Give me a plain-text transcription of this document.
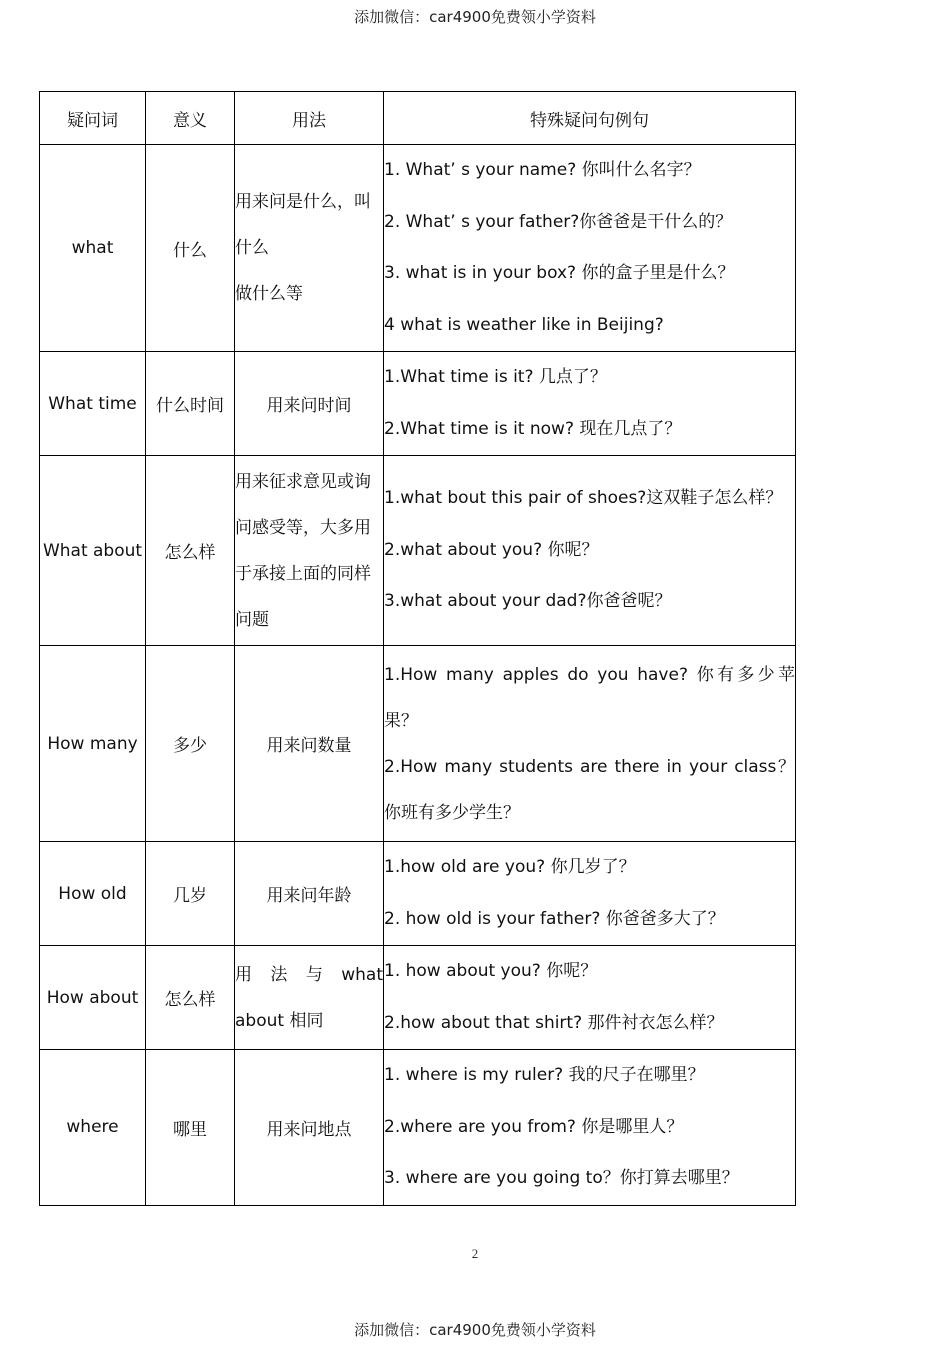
添加微信：car4900免费领小学资料
疑问词	意义	用法	特殊疑问句例句
what	什么	用来问是什么，叫
什么
做什么等	1. What’ s your name? 你叫什么名字？
2. What’ s your father?你爸爸是干什么的？
3. what is in your box? 你的盒子里是什么？
4 what is weather like in Beijing?

What time	什么时间	用来问时间	1.What time is it? 几点了？
2.What time is it now? 现在几点了？

What about	怎么样	用来征求意见或询
问感受等，大多用
于承接上面的同样
问题	1.what bout this pair of shoes?这双鞋子怎么样？
2.what about you? 你呢？
3.what about your dad?你爸爸呢？

How many	多少	用来问数量	1.How many apples do you have? 你有多少苹果？
2.How many students are there in your class？你班有多少学生？

How old	几岁	用来问年龄	1.how old are you? 你几岁了？
2. how old is your father? 你爸爸多大了？

How about	怎么样	用 法 与 what
about 相同	1. how about you? 你呢？
2.how about that shirt? 那件衬衣怎么样？

where	哪里	用来问地点	1. where is my ruler? 我的尺子在哪里？
2.where are you from? 你是哪里人？
3. where are you going to？你打算去哪里？
2
添加微信：car4900免费领小学资料
